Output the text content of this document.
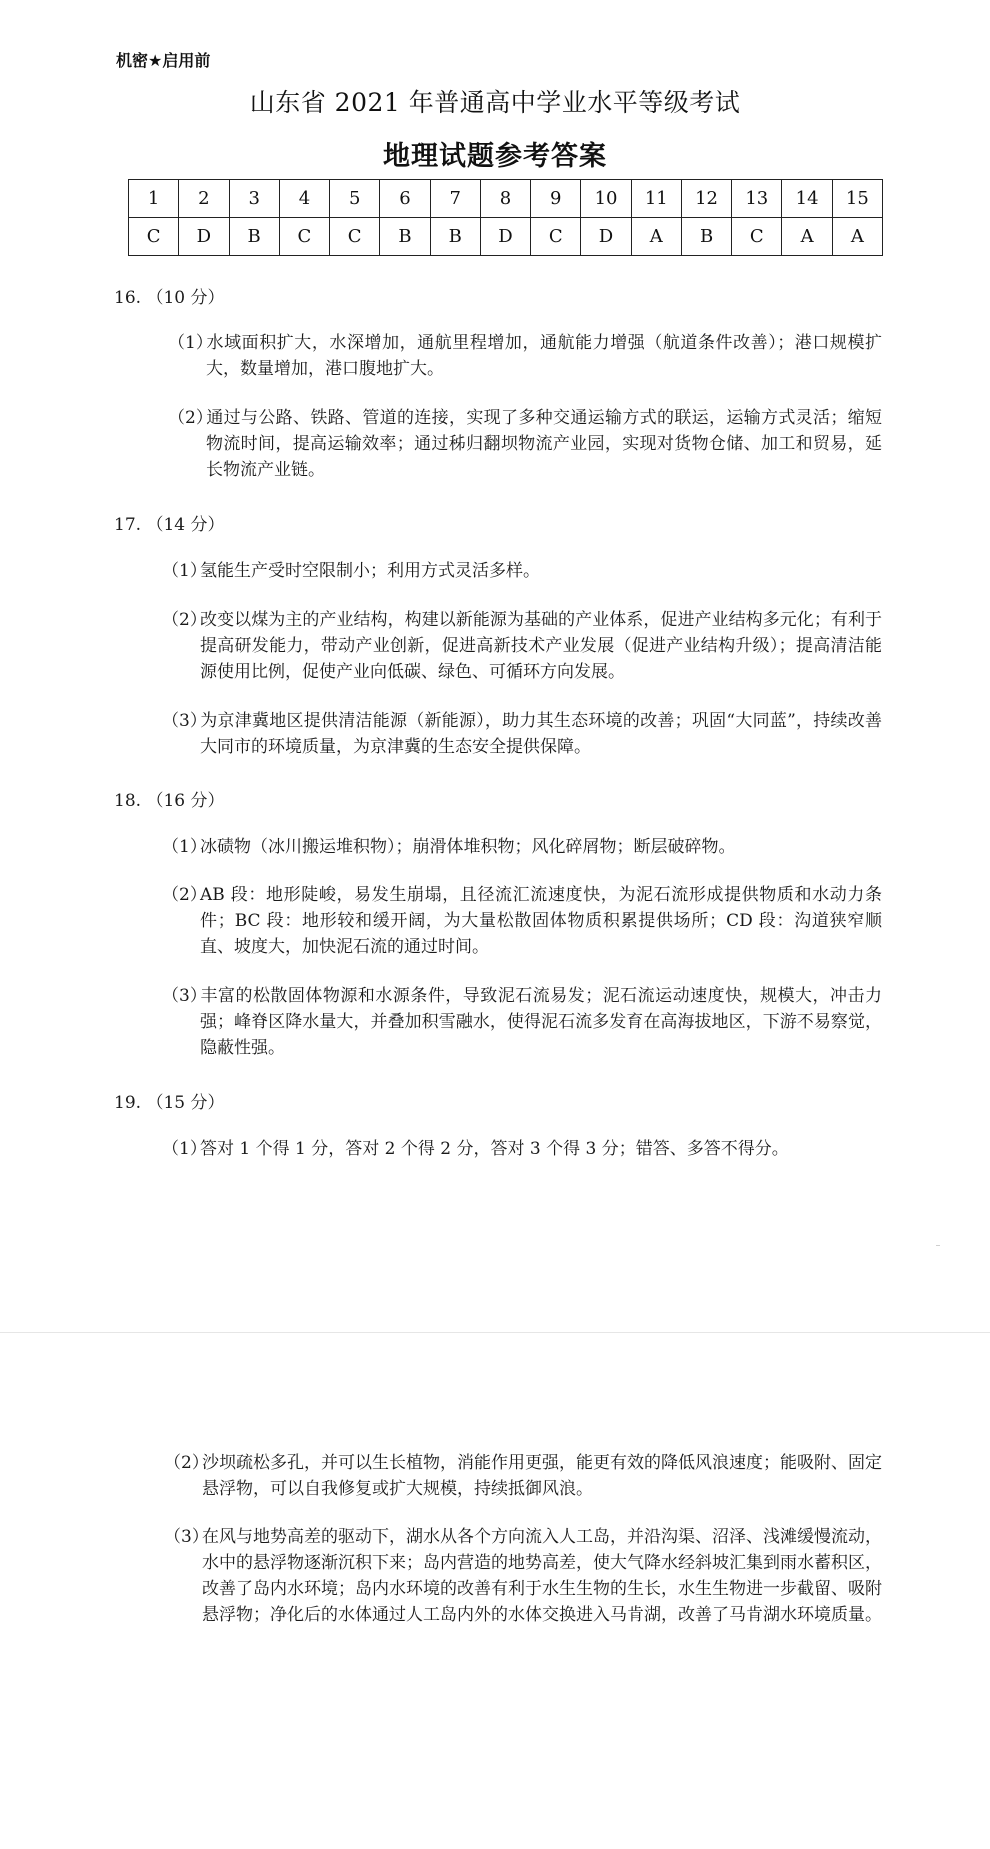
机密★启用前
山东省 2021 年普通高中学业水平等级考试
地理试题参考答案
1	2	3	4	5	6	7	8	9	10	11	12	13	14	15
C	D	B	C	C	B	B	D	C	D	A	B	C	A	A
16. （10 分）
（1）水域面积扩大，水深增加，通航里程增加，通航能力增强（航道条件改善）；港口规模扩大，数量增加，港口腹地扩大。
（2）通过与公路、铁路、管道的连接，实现了多种交通运输方式的联运，运输方式灵活；缩短物流时间，提高运输效率；通过秭归翻坝物流产业园，实现对货物仓储、加工和贸易，延长物流产业链。
17. （14 分）
（1）氢能生产受时空限制小；利用方式灵活多样。
（2）改变以煤为主的产业结构，构建以新能源为基础的产业体系，促进产业结构多元化；有利于提高研发能力，带动产业创新，促进高新技术产业发展（促进产业结构升级）；提高清洁能源使用比例，促使产业向低碳、绿色、可循环方向发展。
（3）为京津冀地区提供清洁能源（新能源），助力其生态环境的改善；巩固“大同蓝”，持续改善大同市的环境质量，为京津冀的生态安全提供保障。
18. （16 分）
（1）冰碛物（冰川搬运堆积物）；崩滑体堆积物；风化碎屑物；断层破碎物。
（2）AB 段：地形陡峻，易发生崩塌，且径流汇流速度快，为泥石流形成提供物质和水动力条件；BC 段：地形较和缓开阔，为大量松散固体物质积累提供场所；CD 段：沟道狭窄顺直、坡度大，加快泥石流的通过时间。
（3）丰富的松散固体物源和水源条件，导致泥石流易发；泥石流运动速度快，规模大，冲击力强；峰脊区降水量大，并叠加积雪融水，使得泥石流多发育在高海拔地区，下游不易察觉，隐蔽性强。
19. （15 分）
（1）答对 1 个得 1 分，答对 2 个得 2 分，答对 3 个得 3 分；错答、多答不得分。
（2）沙坝疏松多孔，并可以生长植物，消能作用更强，能更有效的降低风浪速度；能吸附、固定悬浮物，可以自我修复或扩大规模，持续抵御风浪。
（3）在风与地势高差的驱动下，湖水从各个方向流入人工岛，并沿沟渠、沼泽、浅滩缓慢流动，水中的悬浮物逐渐沉积下来；岛内营造的地势高差，使大气降水经斜坡汇集到雨水蓄积区，改善了岛内水环境；岛内水环境的改善有利于水生生物的生长，水生生物进一步截留、吸附悬浮物；净化后的水体通过人工岛内外的水体交换进入马肯湖，改善了马肯湖水环境质量。
